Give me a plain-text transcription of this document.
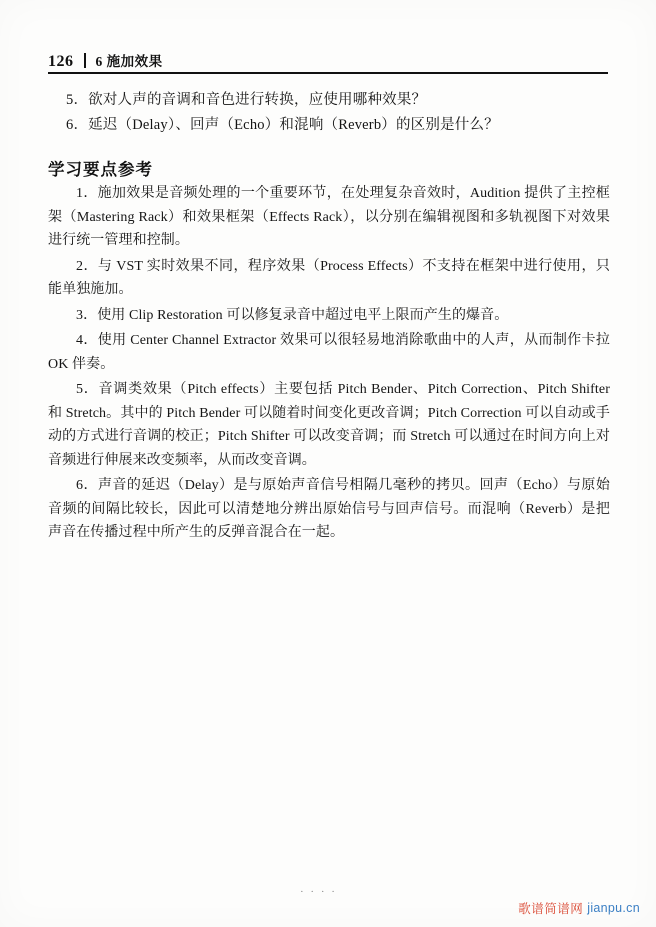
126 6 施加效果
5．欲对人声的音调和音色进行转换，应使用哪种效果？
6．延迟（Delay）、回声（Echo）和混响（Reverb）的区别是什么？
学习要点参考

1．施加效果是音频处理的一个重要环节，在处理复杂音效时，Audition 提供了主控框架（Mastering Rack）和效果框架（Effects Rack），以分别在编辑视图和多轨视图下对效果进行统一管理和控制。

2．与 VST 实时效果不同，程序效果（Process Effects）不支持在框架中进行使用，只能单独施加。

3．使用 Clip Restoration 可以修复录音中超过电平上限而产生的爆音。

4．使用 Center Channel Extractor 效果可以很轻易地消除歌曲中的人声，从而制作卡拉 OK 伴奏。

5．音调类效果（Pitch effects）主要包括 Pitch Bender、Pitch Correction、Pitch Shifter 和 Stretch。其中的 Pitch Bender 可以随着时间变化更改音调；Pitch Correction 可以自动或手动的方式进行音调的校正；Pitch Shifter 可以改变音调；而 Stretch 可以通过在时间方向上对音频进行伸展来改变频率，从而改变音调。

6．声音的延迟（Delay）是与原始声音信号相隔几毫秒的拷贝。回声（Echo）与原始音频的间隔比较长，因此可以清楚地分辨出原始信号与回声信号。而混响（Reverb）是把声音在传播过程中所产生的反弹音混合在一起。

· · · ·
歌谱简谱网 jianpu.cn
